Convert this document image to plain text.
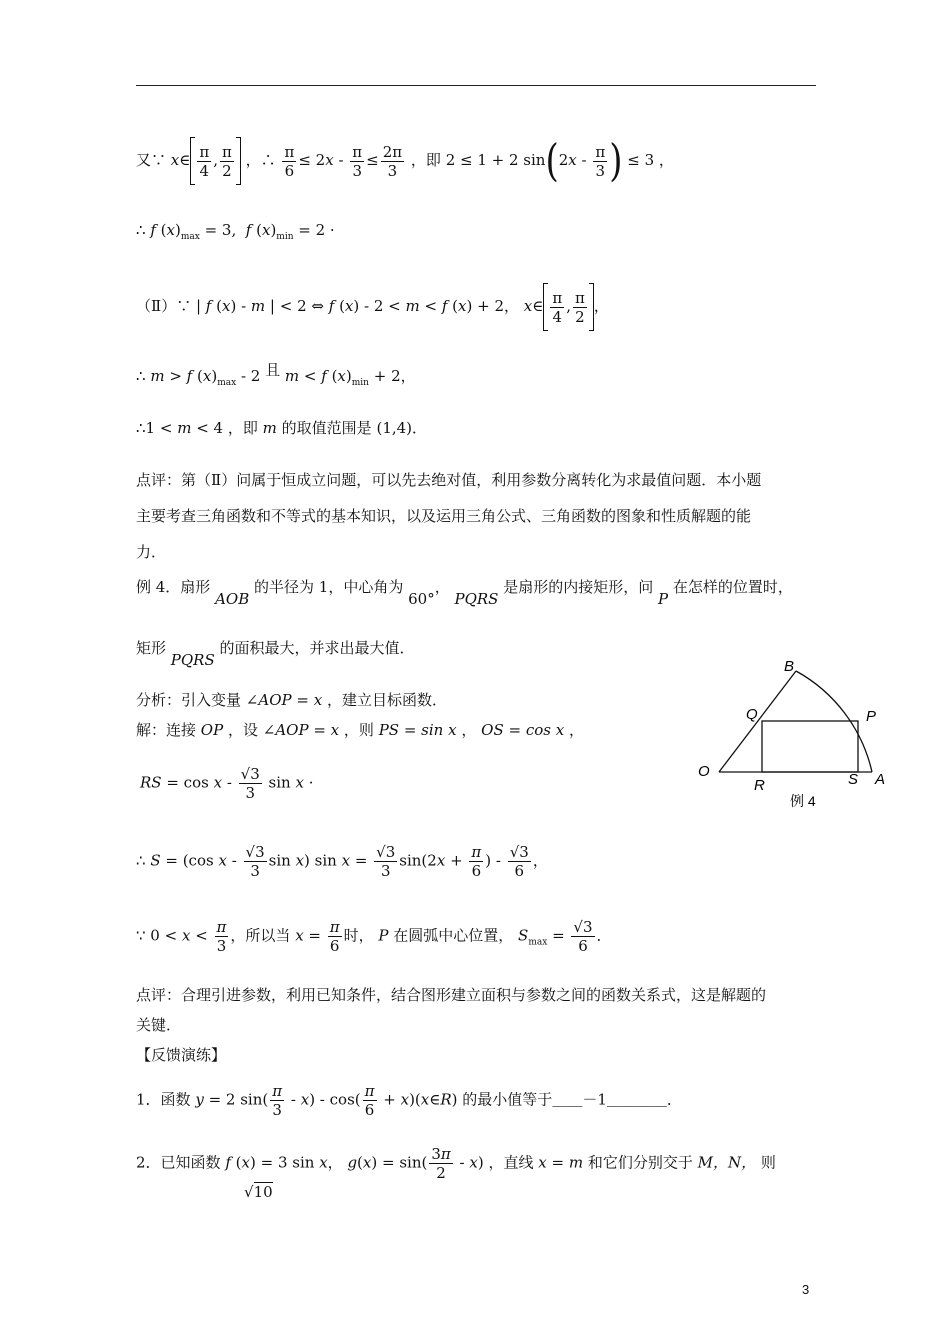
又∵ x∈ $\frac{\pi}{4}$ , $\frac{\pi}{2}$ ，∴ $\frac{\pi}{6} \le 2x - \frac{\pi}{3} \le \frac{2\pi}{3}$ ，即 2 ≤ 1 + 2 $\sin(2x - \frac{\pi}{3}$ ) ≤ 3 ，
∴ f $(x)_{max} = 3$,  f $(x)_{min} = 2$ ·
（Ⅱ）∵ | f (x) - m | < 2 ⇔ f (x) - 2 < m < f (x) + 2， x∈ $\frac{\pi}{4}$ , $\frac{\pi}{2}$ ，
∴ m > f $(x)_{max} - 2$ 且 m < f $(x)_{min} + 2$，
∴1 < m < 4 ，即 m 的取值范围是 (1,4)．
点评：第（Ⅱ）问属于恒成立问题，可以先去绝对值，利用参数分离转化为求最值问题．本小题
主要考查三角函数和不等式的基本知识，以及运用三角公式、三角函数的图象和性质解题的能
力．
例 4．扇形 AOB 的半径为 1，中心角为 60°， PQRS 是扇形的内接矩形，问 P 在怎样的位置时，
矩形 PQRS 的面积最大，并求出最大值．
分析：引入变量 ∠AOP = x ，建立目标函数．
解：连接 OP ，设 ∠AOP = x ，则 PS = sin x ， OS = cos x ，
RS = cos x - $\frac{√3}{3}$ sin x ·
∴ S = (cos x - $\frac{√3}{3}$ sin x) $\sin x = \frac{√3}{3} \sin(2x + \frac{\pi}{6}$ ) - $\frac{√3}{6}$ ，
∵ $0 < x < \frac{\pi}{3}$ ，所以当 $x = \frac{\pi}{6}$ 时， P 在圆弧中心位置， $S_{max} = \frac{√3}{6}$ ．
点评：合理引进参数，利用已知条件，结合图形建立面积与参数之间的函数关系式，这是解题的
关键．
【反馈演练】
1．函数 y = 2 $\sin( \frac{\pi}{3} - x) - \cos( \frac{\pi}{6}$ + x)(x∈R) 的最小值等于＿＿－1＿＿＿＿．
2．已知函数 f (x) = 3 sin x， $g(x) = \sin( \frac{3\pi}{2} - x)$ ，直线 x = m 和它们分别交于 M，N， 则
√10
B
Q	P
O
R	S A
例 4
3
